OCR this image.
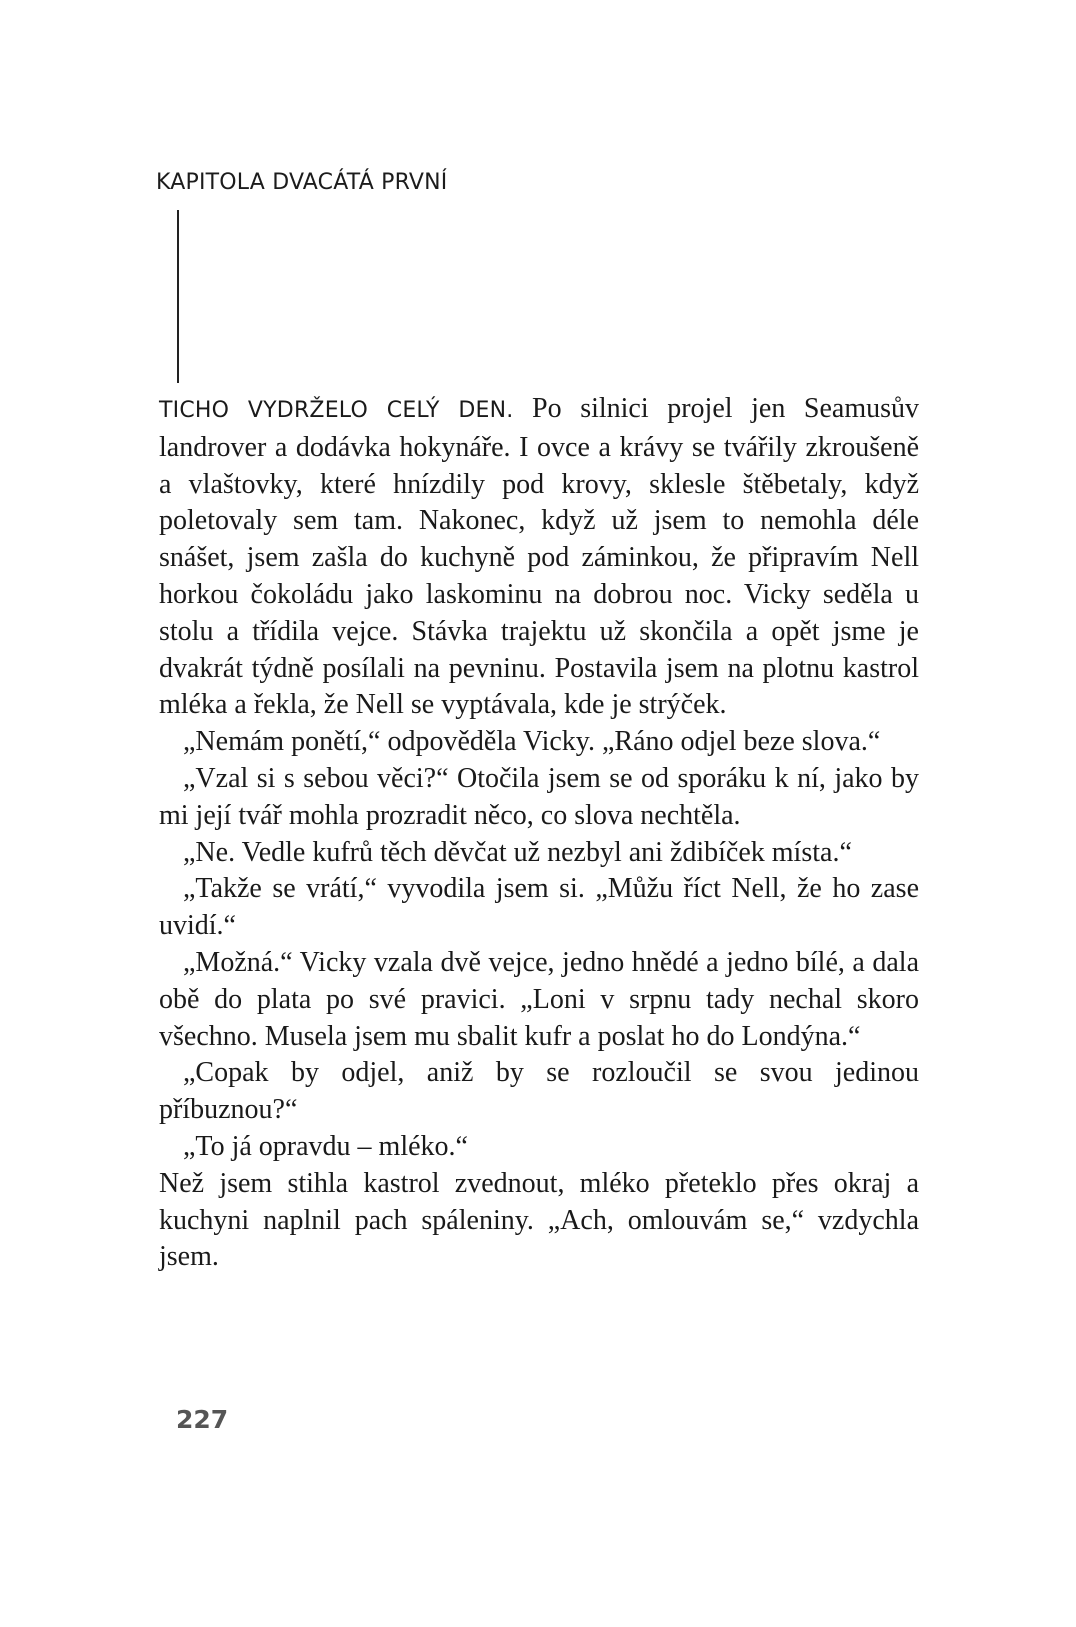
KAPITOLA DVACÁTÁ PRVNÍ

TICHO VYDRŽELO CELÝ DEN. Po silnici projel jen Seamusův landrover a dodávka hokynáře. I ovce a krávy se tvářily zkroušeně a vlaštovky, které hnízdily pod krovy, sklesle štěbetaly, když poletovaly sem tam. Nakonec, když už jsem to nemohla déle snášet, jsem zašla do kuchyně pod záminkou, že připravím Nell horkou čokoládu jako laskominu na dobrou noc. Vicky seděla u stolu a třídila vejce. Stávka trajektu už skončila a opět jsme je dvakrát týdně posílali na pevninu. Postavila jsem na plotnu kastrol mléka a řekla, že Nell se vyptávala, kde je strýček.

„Nemám ponětí,“ odpověděla Vicky. „Ráno odjel beze slova.“

„Vzal si s sebou věci?“ Otočila jsem se od sporáku k ní, jako by mi její tvář mohla prozradit něco, co slova nechtěla.

„Ne. Vedle kufrů těch děvčat už nezbyl ani ždibíček místa.“

„Takže se vrátí,“ vyvodila jsem si. „Můžu říct Nell, že ho zase uvidí.“

„Možná.“ Vicky vzala dvě vejce, jedno hnědé a jedno bílé, a dala obě do plata po své pravici. „Loni v srpnu tady nechal skoro všechno. Musela jsem mu sbalit kufr a poslat ho do Londýna.“

„Copak by odjel, aniž by se rozloučil se svou jedinou příbuznou?“

„To já opravdu – mléko.“

Než jsem stihla kastrol zvednout, mléko přeteklo přes okraj a kuchyni naplnil pach spáleniny. „Ach, omlouvám se,“ vzdychla jsem.

227
